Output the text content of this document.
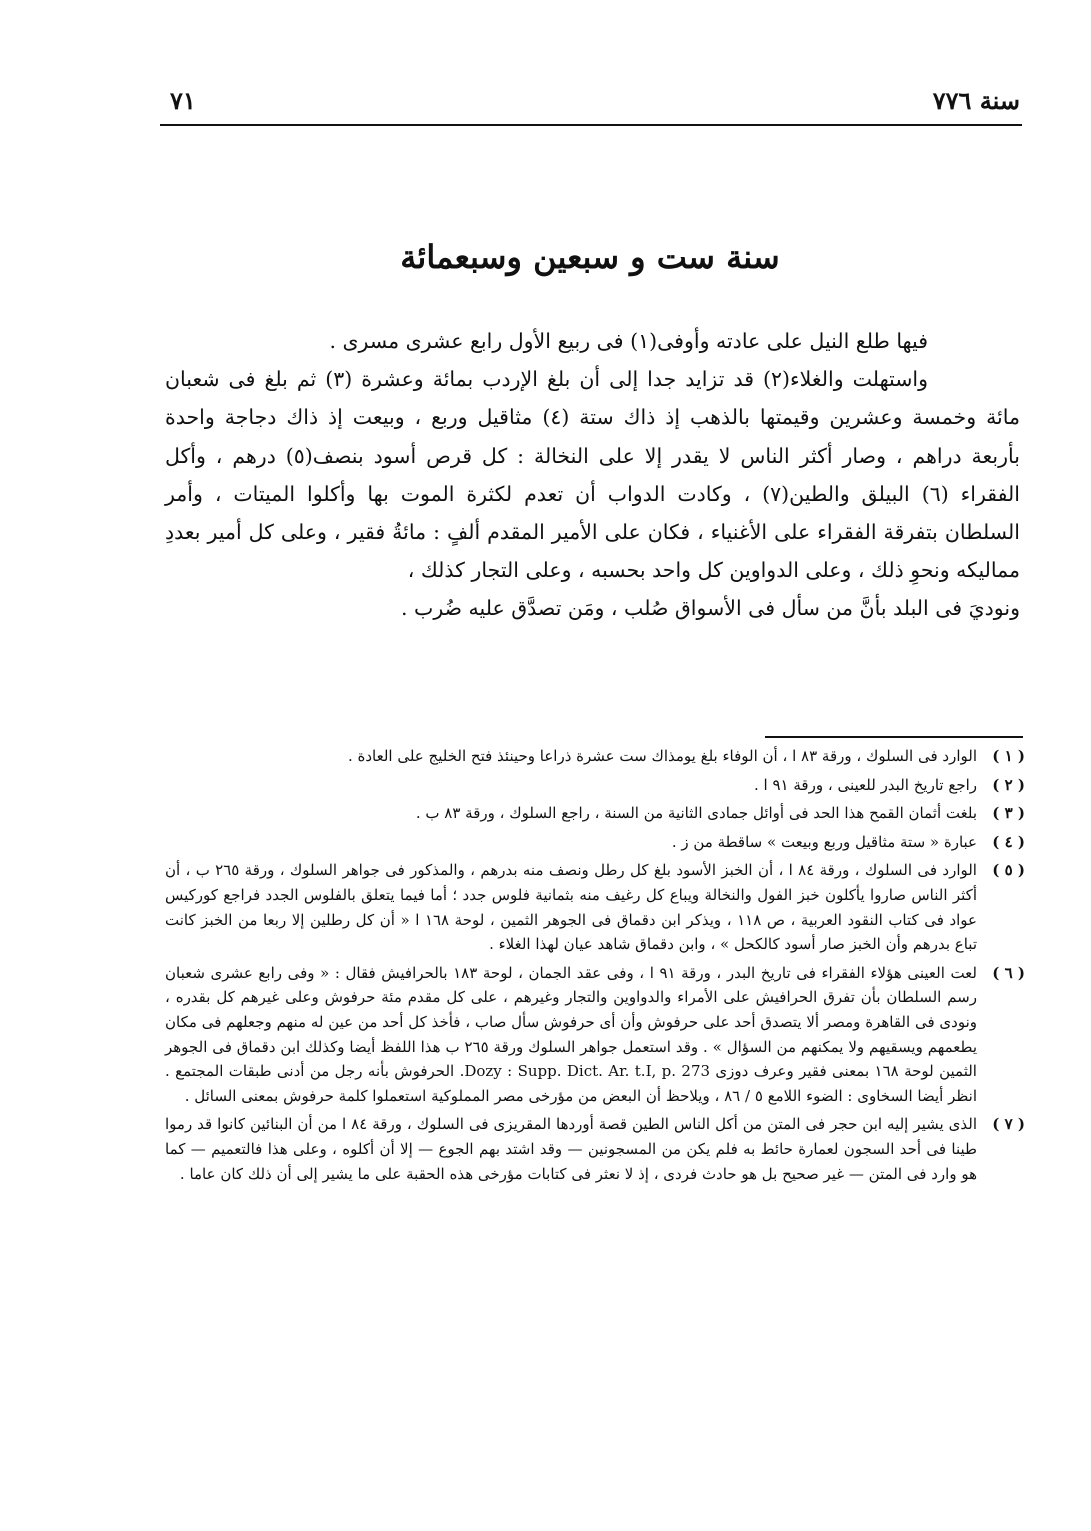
سنة ٧٧٦
٧١
سنة ست و سبعين وسبعمائة

فيها طلع النيل على عادته وأوفى(١) فى ربيع الأول رابع عشرى مسرى .

واستهلت والغلاء(٢) قد تزايد جدا إلى أن بلغ الإردب بمائة وعشرة (٣) ثم بلغ فى شعبان مائة وخمسة وعشرين وقيمتها بالذهب إذ ذاك ستة (٤) مثاقيل وربع ، وبيعت إذ ذاك دجاجة واحدة بأربعة دراهم ، وصار أكثر الناس لا يقدر إلا على النخالة : كل قرص أسود بنصف(٥) درهم ، وأكل الفقراء (٦) البيلق والطين(٧) ، وكادت الدواب أن تعدم لكثرة الموت بها وأكلوا الميتات ، وأمر السلطان بتفرقة الفقراء على الأغنياء ، فكان على الأمير المقدم ألفٍ : مائةُ فقير ، وعلى كل أمير بعددِ مماليكه ونحوِ ذلك ، وعلى الدواوين كل واحد بحسبه ، وعلى التجار كذلك ،

ونوديَ فى البلد بأنَّ من سأل فى الأسواق صُلب ، ومَن تصدَّق عليه ضُرب .

( ١ )
الوارد فى السلوك ، ورقة ٨٣ ا ، أن الوفاء بلغ يومذاك ست عشرة ذراعا وحينئذ فتح الخليج على العادة .
( ٢ )
راجع تاريخ البدر للعينى ، ورقة ٩١ ا .
( ٣ )
بلغت أثمان القمح هذا الحد فى أوائل جمادى الثانية من السنة ، راجع السلوك ، ورقة ٨٣ ب .
( ٤ )
عبارة « ستة مثاقيل وربع وبيعت » ساقطة من ز .
( ٥ )
الوارد فى السلوك ، ورقة ٨٤ ا ، أن الخبز الأسود بلغ كل رطل ونصف منه بدرهم ، والمذكور فى جواهر السلوك ، ورقة ٢٦٥ ب ، أن أكثر الناس صاروا يأكلون خبز الفول والنخالة ويباع كل رغيف منه بثمانية فلوس جدد ؛ أما فيما يتعلق بالفلوس الجدد فراجع كوركيس عواد فى كتاب النقود العربية ، ص ١١٨ ، ويذكر ابن دقماق فى الجوهر الثمين ، لوحة ١٦٨ ا « أن كل رطلين إلا ربعا من الخبز كانت تباع بدرهم وأن الخبز صار أسود كالكحل » ، وابن دقماق شاهد عيان لهذا الغلاء .
( ٦ )
لعت العينى هؤلاء الفقراء فى تاريخ البدر ، ورقة ٩١ ا ، وفى عقد الجمان ، لوحة ١٨٣ بالحرافيش فقال : « وفى رابع عشرى شعبان رسم السلطان بأن تفرق الحرافيش على الأمراء والدواوين والتجار وغيرهم ، على كل مقدم مئة حرفوش وعلى غيرهم كل بقدره ، ونودى فى القاهرة ومصر ألا يتصدق أحد على حرفوش وأن أى حرفوش سأل صاب ، فأخذ كل أحد من عين له منهم وجعلهم فى مكان يطعمهم ويسقيهم ولا يمكنهم من السؤال » . وقد استعمل جواهر السلوك ورقة ٢٦٥ ب هذا اللفظ أيضا وكذلك ابن دقماق فى الجوهر الثمين لوحة ١٦٨ بمعنى فقير وعرف دوزى Dozy : Supp. Dict. Ar. t.I, p. 273. الحرفوش بأنه رجل من أدنى طبقات المجتمع . انظر أيضا السخاوى : الضوء اللامع ٥ / ٨٦ ، ويلاحظ أن البعض من مؤرخى مصر المملوكية استعملوا كلمة حرفوش بمعنى السائل .
( ٧ )
الذى يشير إليه ابن حجر فى المتن من أكل الناس الطين قصة أوردها المقريزى فى السلوك ، ورقة ٨٤ ا من أن البنائين كانوا قد رموا طينا فى أحد السجون لعمارة حائط به فلم يكن من المسجونين — وقد اشتد بهم الجوع — إلا أن أكلوه ، وعلى هذا فالتعميم — كما هو وارد فى المتن — غير صحيح بل هو حادث فردى ، إذ لا نعثر فى كتابات مؤرخى هذه الحقبة على ما يشير إلى أن ذلك كان عاما .
